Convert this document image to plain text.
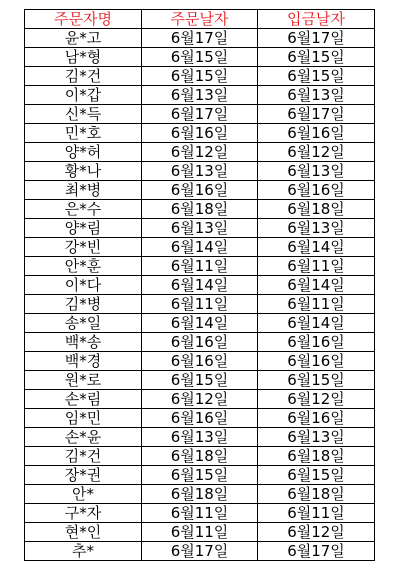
주문자명	주문날자	입금날자
윤*고	6월17일	6월17일
남*형	6월15일	6월15일
김*건	6월15일	6월15일
이*갑	6월13일	6월13일
신*득	6월17일	6월17일
민*호	6월16일	6월16일
양*허	6월12일	6월12일
황*나	6월13일	6월13일
최*병	6월16일	6월16일
은*수	6월18일	6월18일
양*림	6월13일	6월13일
강*빈	6월14일	6월14일
안*훈	6월11일	6월11일
이*다	6월14일	6월14일
김*병	6월11일	6월11일
송*일	6월14일	6월14일
백*송	6월16일	6월16일
백*경	6월16일	6월16일
원*로	6월15일	6월15일
손*림	6월12일	6월12일
임*민	6월16일	6월16일
손*윤	6월13일	6월13일
김*건	6월18일	6월18일
장*권	6월15일	6월15일
안*	6월18일	6월18일
구*자	6월11일	6월11일
현*인	6월11일	6월12일
추*	6월17일	6월17일
